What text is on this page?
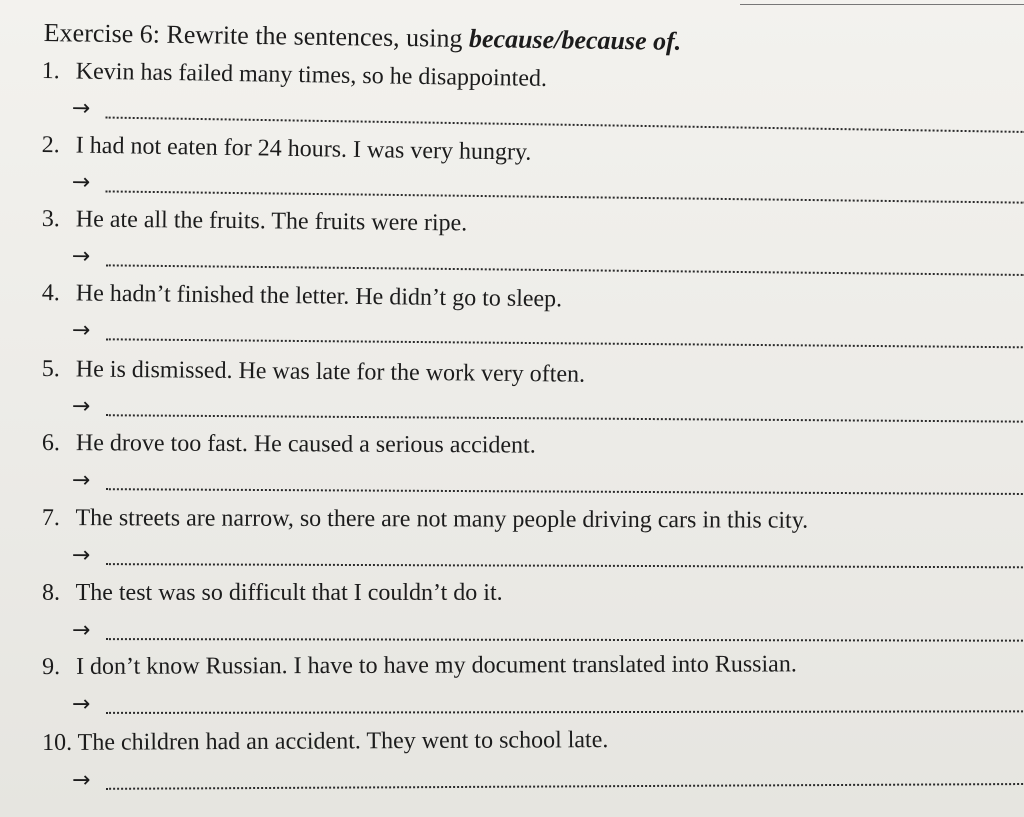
Exercise 6: Rewrite the sentences, using because/because of.
1. Kevin has failed many times, so he disappointed.
→
2. I had not eaten for 24 hours. I was very hungry.
→
3. He ate all the fruits. The fruits were ripe.
→
4. He hadn’t finished the letter. He didn’t go to sleep.
→
5. He is dismissed. He was late for the work very often.
→
6. He drove too fast. He caused a serious accident.
→
7. The streets are narrow, so there are not many people driving cars in this city.
→
8. The test was so difficult that I couldn’t do it.
→
9. I don’t know Russian. I have to have my document translated into Russian.
→
10. The children had an accident. They went to school late.
→
